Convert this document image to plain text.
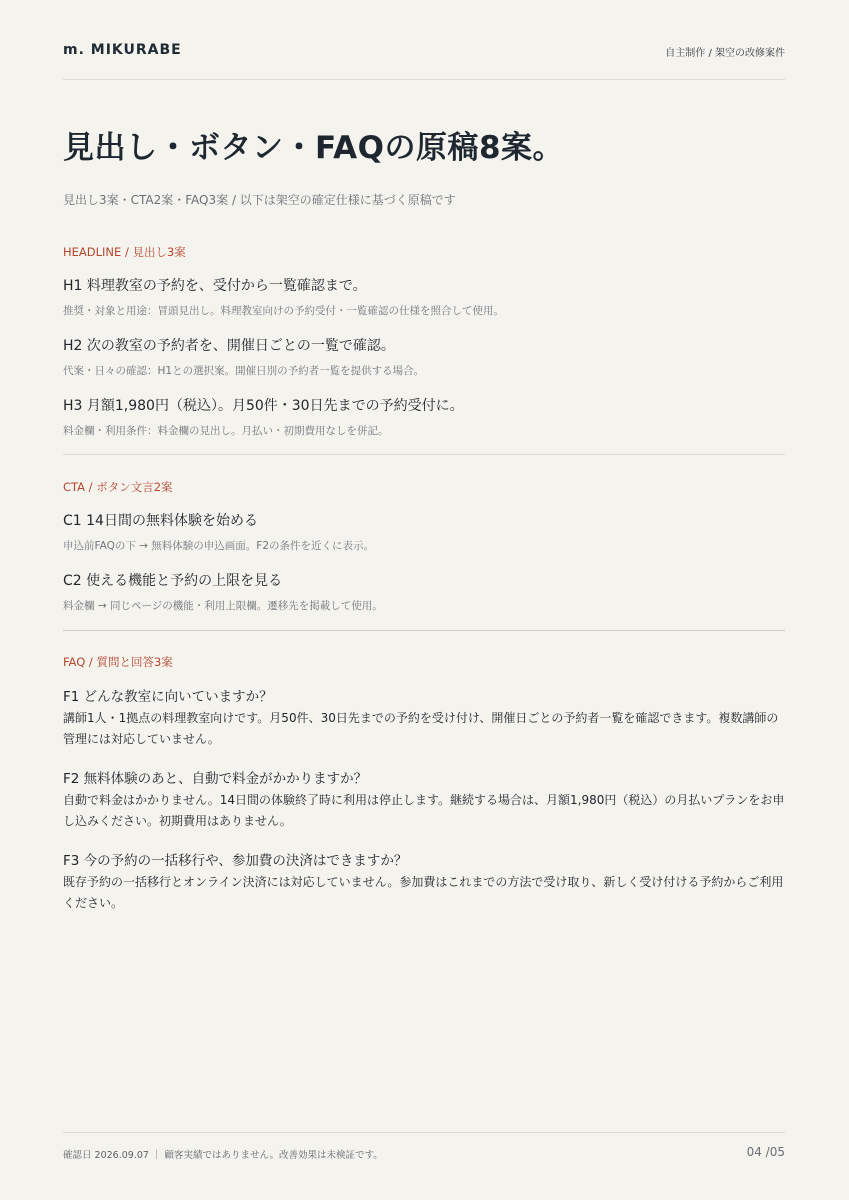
m. MIKURABE	自主制作 / 架空の改修案件
見出し・ボタン・FAQの原稿8案。
見出し3案・CTA2案・FAQ3案 / 以下は架空の確定仕様に基づく原稿です
HEADLINE / 見出し3案
H1 料理教室の予約を、受付から一覧確認まで。
推奨・対象と用途：冒頭見出し。料理教室向けの予約受付・一覧確認の仕様を照合して使用。
H2 次の教室の予約者を、開催日ごとの一覧で確認。
代案・日々の確認：H1との選択案。開催日別の予約者一覧を提供する場合。
H3 月額1,980円（税込）。月50件・30日先までの予約受付に。
料金欄・利用条件：料金欄の見出し。月払い・初期費用なしを併記。
CTA / ボタン文言2案
C1 14日間の無料体験を始める
申込前FAQの下 → 無料体験の申込画面。F2の条件を近くに表示。
C2 使える機能と予約の上限を見る
料金欄 → 同じページの機能・利用上限欄。遷移先を掲載して使用。
FAQ / 質問と回答3案
F1 どんな教室に向いていますか？
講師1人・1拠点の料理教室向けです。月50件、30日先までの予約を受け付け、開催日ごとの予約者一覧を確認できます。複数講師の管理には対応していません。
F2 無料体験のあと、自動で料金がかかりますか？
自動で料金はかかりません。14日間の体験終了時に利用は停止します。継続する場合は、月額1,980円（税込）の月払いプランをお申し込みください。初期費用はありません。
F3 今の予約の一括移行や、参加費の決済はできますか？
既存予約の一括移行とオンライン決済には対応していません。参加費はこれまでの方法で受け取り、新しく受け付ける予約からご利用ください。
確認日 2026.09.07 ｜ 顧客実績ではありません。改善効果は未検証です。	04 /05
